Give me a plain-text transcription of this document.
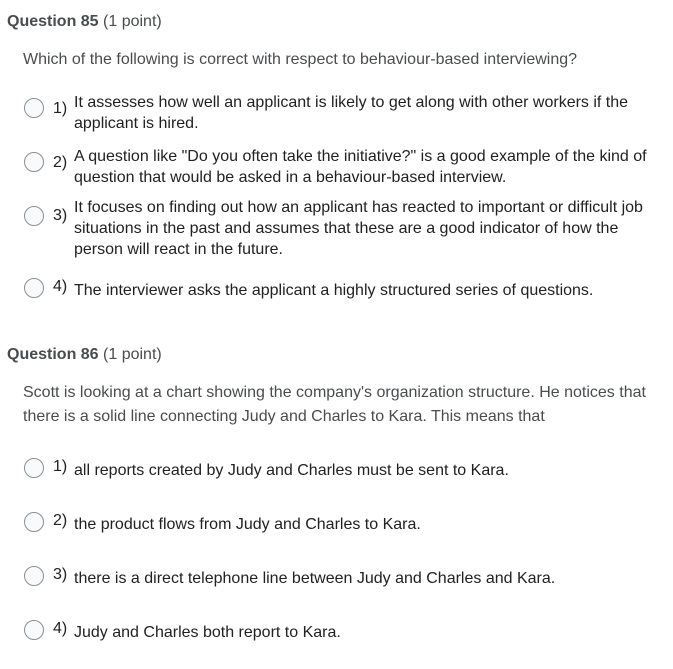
Question 85 (1 point)
Which of the following is correct with respect to behaviour-based interviewing?
1) It assesses how well an applicant is likely to get along with other workers if the applicant is hired.
2) A question like "Do you often take the initiative?" is a good example of the kind of question that would be asked in a behaviour-based interview.
3) It focuses on finding out how an applicant has reacted to important or difficult job situations in the past and assumes that these are a good indicator of how the person will react in the future.
4) The interviewer asks the applicant a highly structured series of questions.
Question 86 (1 point)
Scott is looking at a chart showing the company's organization structure. He notices that there is a solid line connecting Judy and Charles to Kara. This means that
1) all reports created by Judy and Charles must be sent to Kara.
2) the product flows from Judy and Charles to Kara.
3) there is a direct telephone line between Judy and Charles and Kara.
4) Judy and Charles both report to Kara.
